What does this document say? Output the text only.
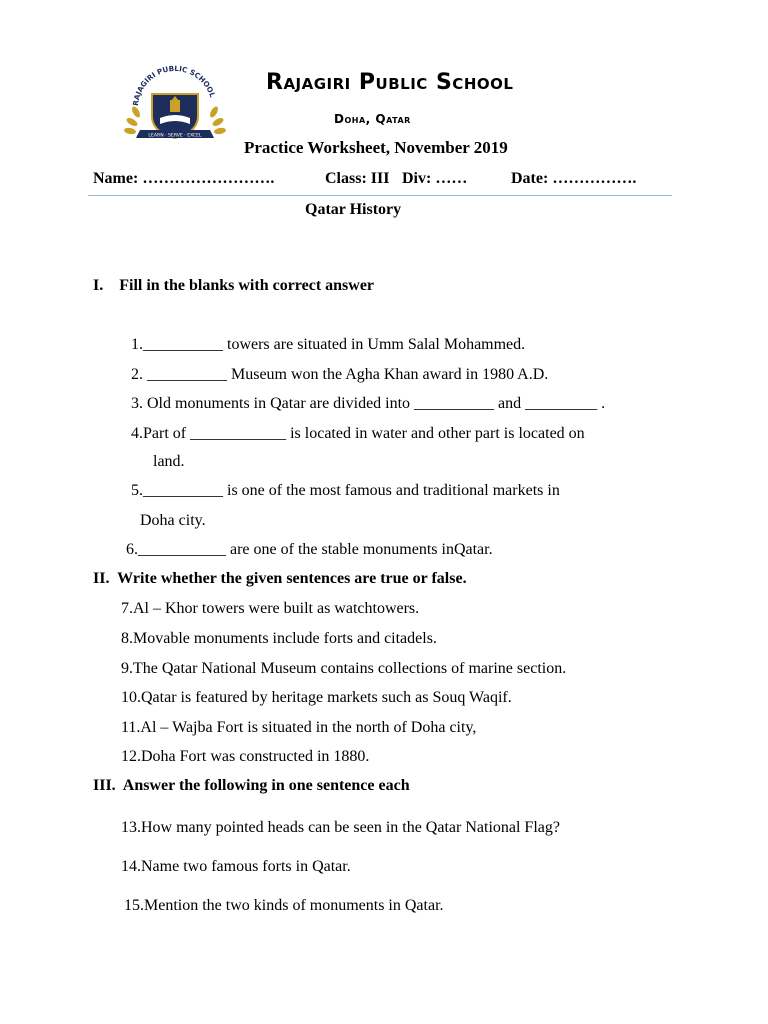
RAJAGIRI PUBLIC SCHOOL
LEARN · SERVE · EXCEL
Rajagiri Public School
Doha, Qatar
Practice Worksheet, November 2019
Name: …………………….	Class: III Div: ……	Date: …………….
Qatar History
I.    Fill in the blanks with correct answer
1.__________ towers are situated in Umm Salal Mohammed.
2. __________ Museum won the Agha Khan award in 1980 A.D.
3. Old monuments in Qatar are divided into __________ and _________ .
4.Part of ____________ is located in water and other part is located on
land.
5.__________ is one of the most famous and traditional markets in
Doha city.
6.___________ are one of the stable monuments inQatar.
II.  Write whether the given sentences are true or false.
7.Al – Khor towers were built as watchtowers.
8.Movable monuments include forts and citadels.
9.The Qatar National Museum contains collections of marine section.
10.Qatar is featured by heritage markets such as Souq Waqif.
11.Al – Wajba Fort is situated in the north of Doha city,
12.Doha Fort was constructed in 1880.
III.  Answer the following in one sentence each
13.How many pointed heads can be seen in the Qatar National Flag?
14.Name two famous forts in Qatar.
15.Mention the two kinds of monuments in Qatar.
